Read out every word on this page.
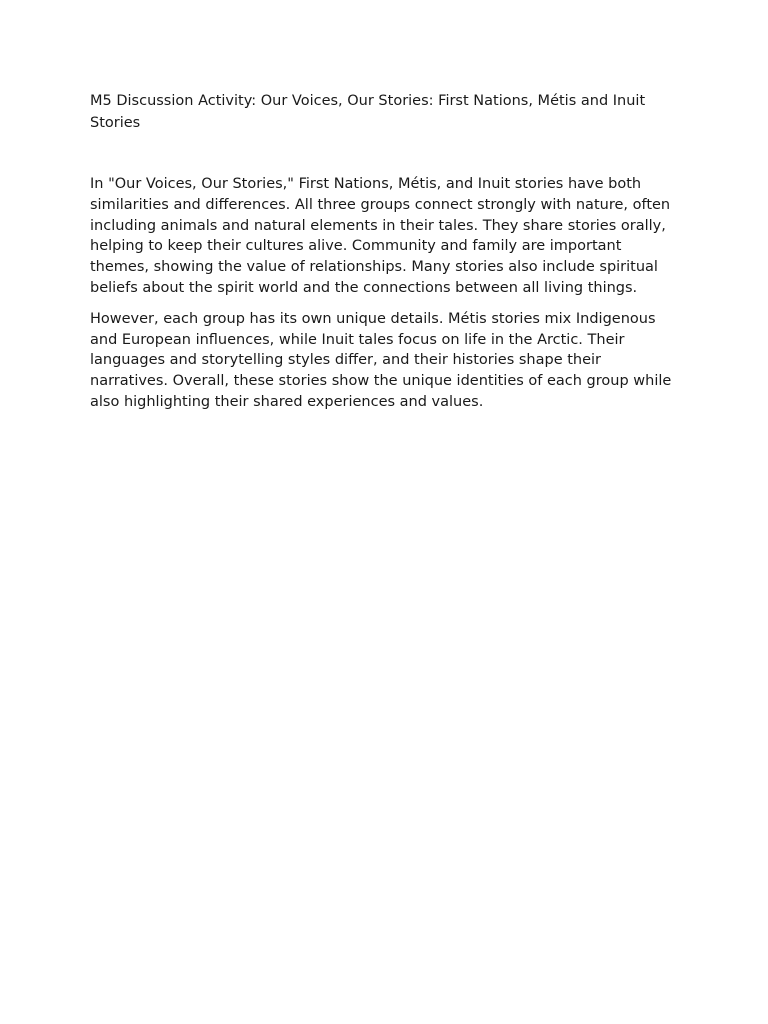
M5 Discussion Activity: Our Voices, Our Stories: First Nations, Métis and Inuit Stories

In "Our Voices, Our Stories," First Nations, Métis, and Inuit stories have both similarities and differences. All three groups connect strongly with nature, often including animals and natural elements in their tales. They share stories orally, helping to keep their cultures alive. Community and family are important themes, showing the value of relationships. Many stories also include spiritual beliefs about the spirit world and the connections between all living things.

However, each group has its own unique details. Métis stories mix Indigenous and European influences, while Inuit tales focus on life in the Arctic. Their languages and storytelling styles differ, and their histories shape their narratives. Overall, these stories show the unique identities of each group while also highlighting their shared experiences and values.
